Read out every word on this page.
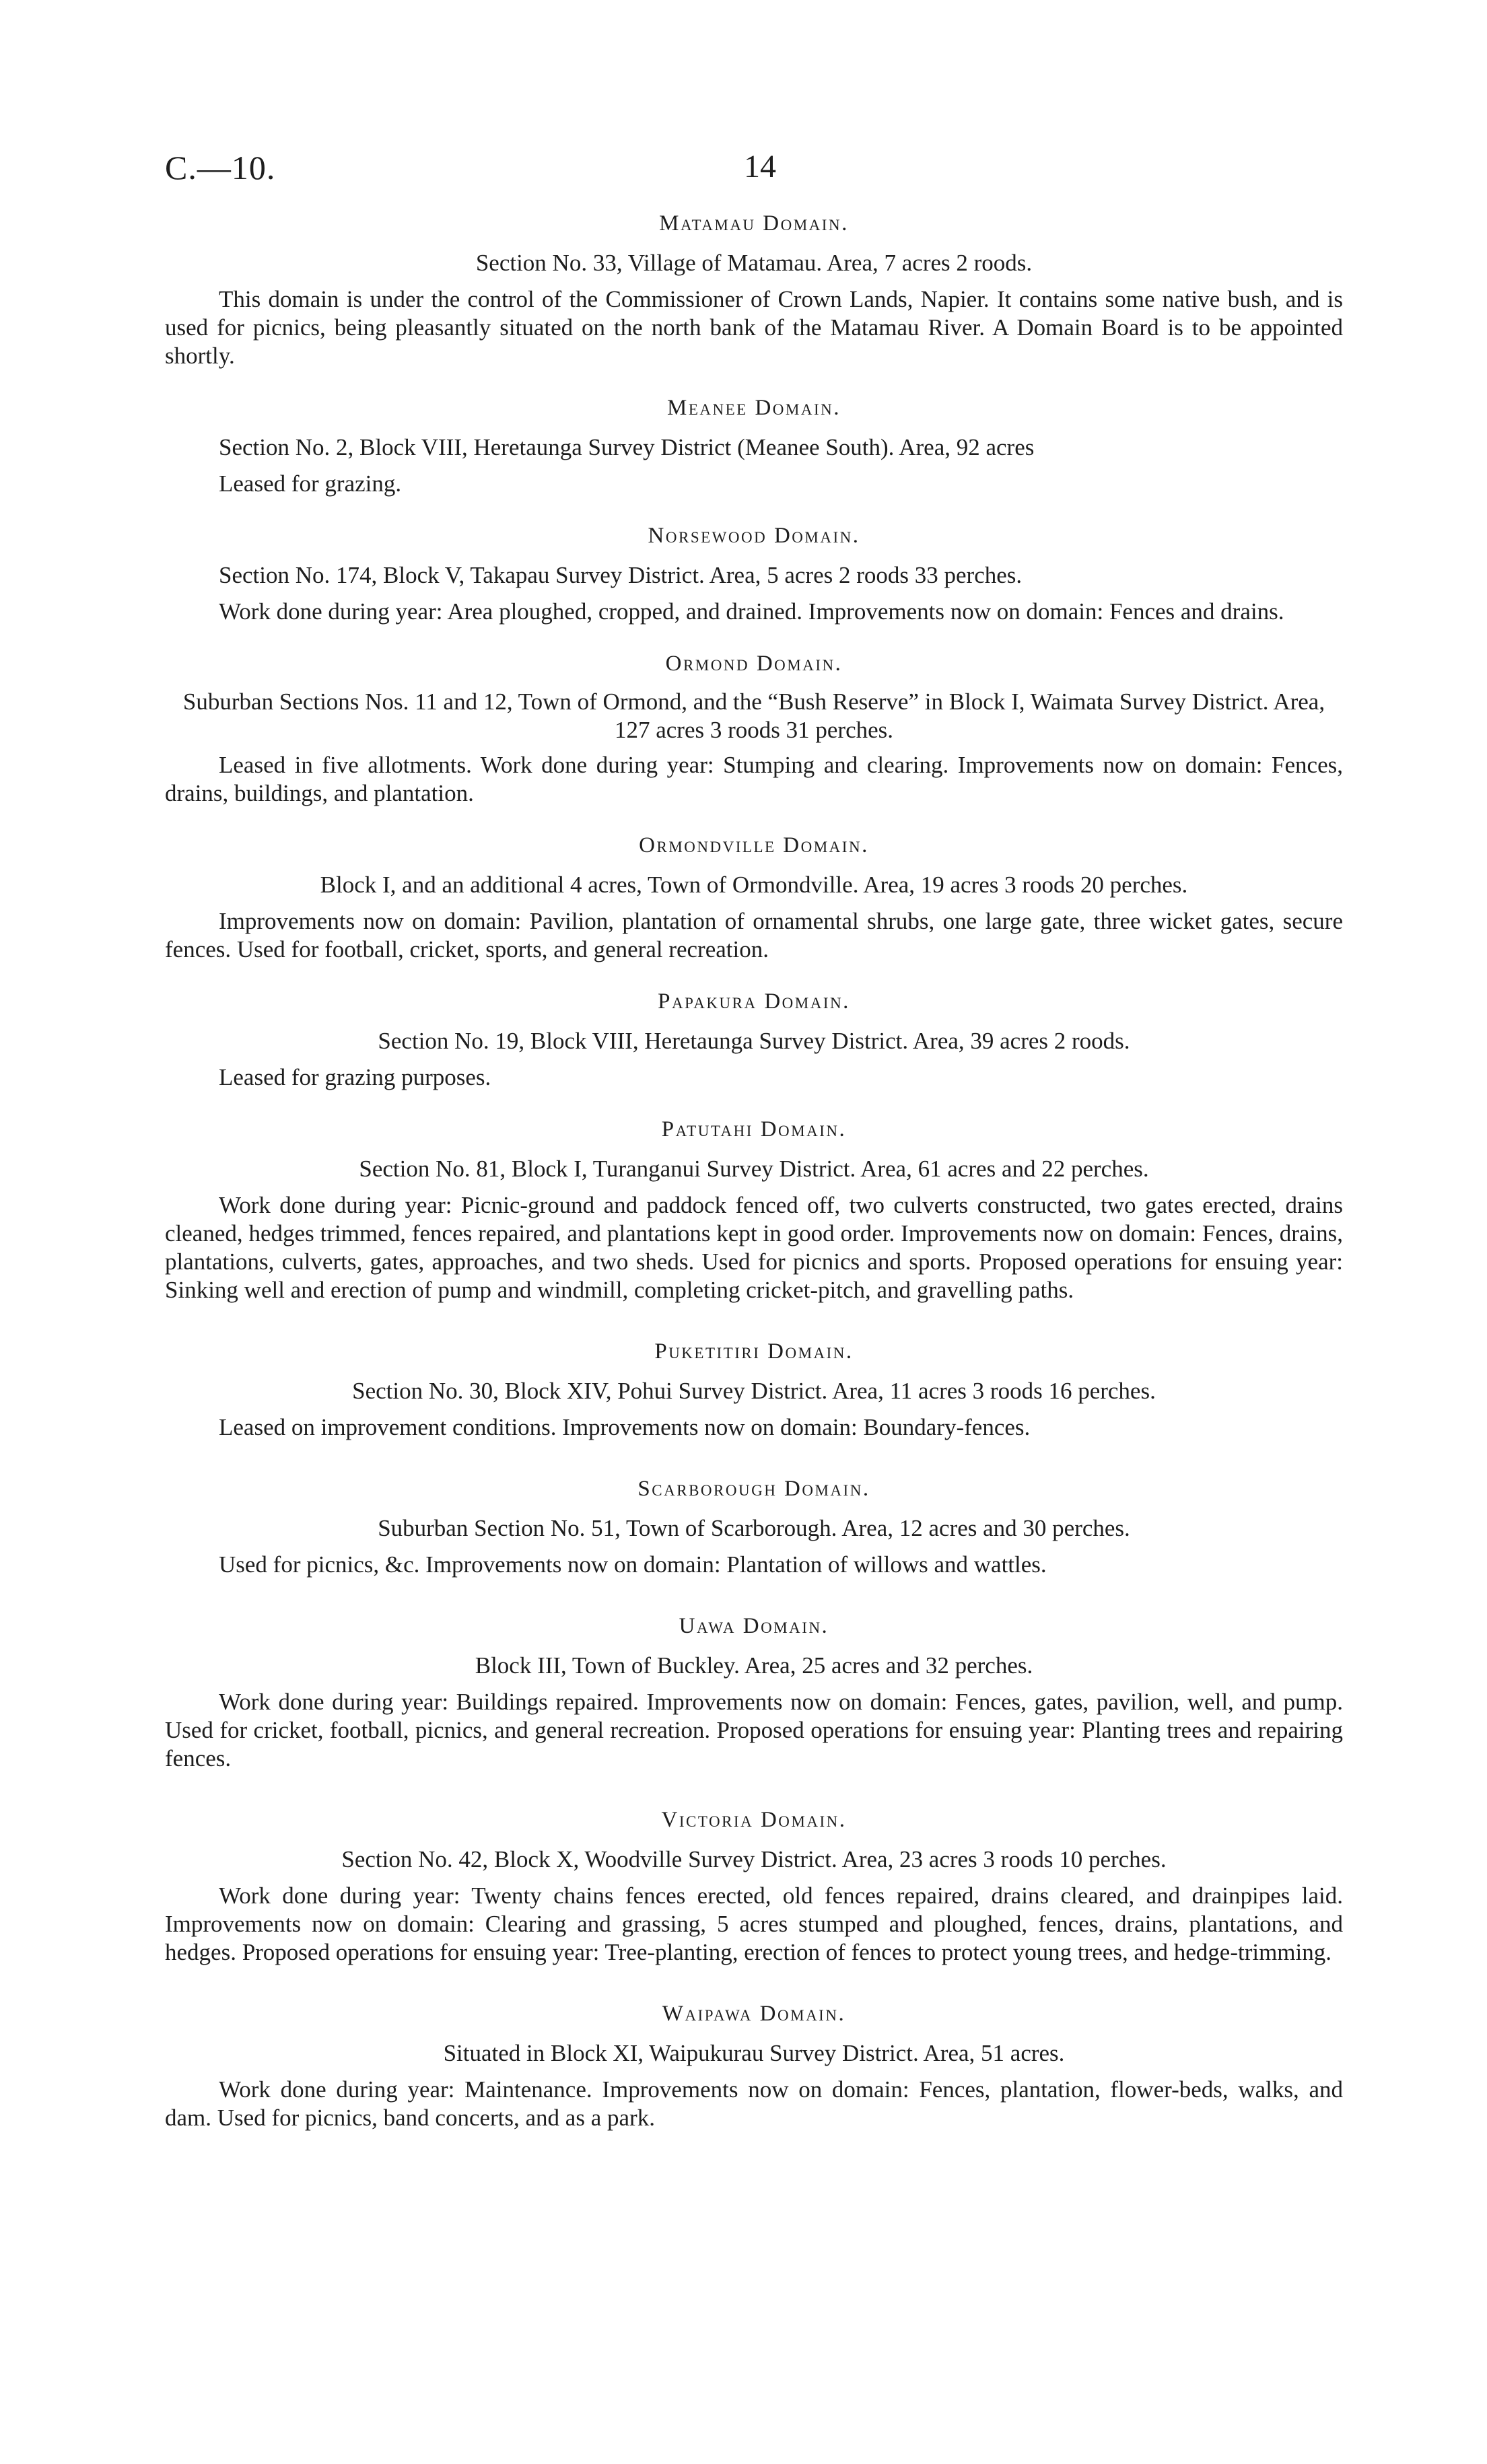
C.—10.	14
Matamau Domain.
Section No. 33, Village of Matamau. Area, 7 acres 2 roods.

This domain is under the control of the Commissioner of Crown Lands, Napier. It contains some native bush, and is used for picnics, being pleasantly situated on the north bank of the Matamau River. A Domain Board is to be appointed shortly.

Meanee Domain.
Section No. 2, Block VIII, Heretaunga Survey District (Meanee South). Area, 92 acres

Leased for grazing.

Norsewood Domain.
Section No. 174, Block V, Takapau Survey District. Area, 5 acres 2 roods 33 perches.

Work done during year: Area ploughed, cropped, and drained. Improvements now on domain: Fences and drains.

Ormond Domain.

Suburban Sections Nos. 11 and 12, Town of Ormond, and the “Bush Reserve” in Block I, Waimata Survey District. Area, 127 acres 3 roods 31 perches.

Leased in five allotments. Work done during year: Stumping and clearing. Improvements now on domain: Fences, drains, buildings, and plantation.

Ormondville Domain.
Block I, and an additional 4 acres, Town of Ormondville. Area, 19 acres 3 roods 20 perches.

Improvements now on domain: Pavilion, plantation of ornamental shrubs, one large gate, three wicket gates, secure fences. Used for football, cricket, sports, and general recreation.

Papakura Domain.
Section No. 19, Block VIII, Heretaunga Survey District. Area, 39 acres 2 roods.

Leased for grazing purposes.

Patutahi Domain.
Section No. 81, Block I, Turanganui Survey District. Area, 61 acres and 22 perches.

Work done during year: Picnic-ground and paddock fenced off, two culverts constructed, two gates erected, drains cleaned, hedges trimmed, fences repaired, and plantations kept in good order. Improvements now on domain: Fences, drains, plantations, culverts, gates, approaches, and two sheds. Used for picnics and sports. Proposed operations for ensuing year: Sinking well and erection of pump and windmill, completing cricket-pitch, and gravelling paths.

Puketitiri Domain.
Section No. 30, Block XIV, Pohui Survey District. Area, 11 acres 3 roods 16 perches.

Leased on improvement conditions. Improvements now on domain: Boundary-fences.

Scarborough Domain.
Suburban Section No. 51, Town of Scarborough. Area, 12 acres and 30 perches.

Used for picnics, &c. Improvements now on domain: Plantation of willows and wattles.

Uawa Domain.
Block III, Town of Buckley. Area, 25 acres and 32 perches.

Work done during year: Buildings repaired. Improvements now on domain: Fences, gates, pavilion, well, and pump. Used for cricket, football, picnics, and general recreation. Proposed operations for ensuing year: Planting trees and repairing fences.

Victoria Domain.
Section No. 42, Block X, Woodville Survey District. Area, 23 acres 3 roods 10 perches.

Work done during year: Twenty chains fences erected, old fences repaired, drains cleared, and drainpipes laid. Improvements now on domain: Clearing and grassing, 5 acres stumped and ploughed, fences, drains, plantations, and hedges. Proposed operations for ensuing year: Tree-planting, erection of fences to protect young trees, and hedge-trimming.

Waipawa Domain.
Situated in Block XI, Waipukurau Survey District. Area, 51 acres.

Work done during year: Maintenance. Improvements now on domain: Fences, plantation, flower-beds, walks, and dam. Used for picnics, band concerts, and as a park.
